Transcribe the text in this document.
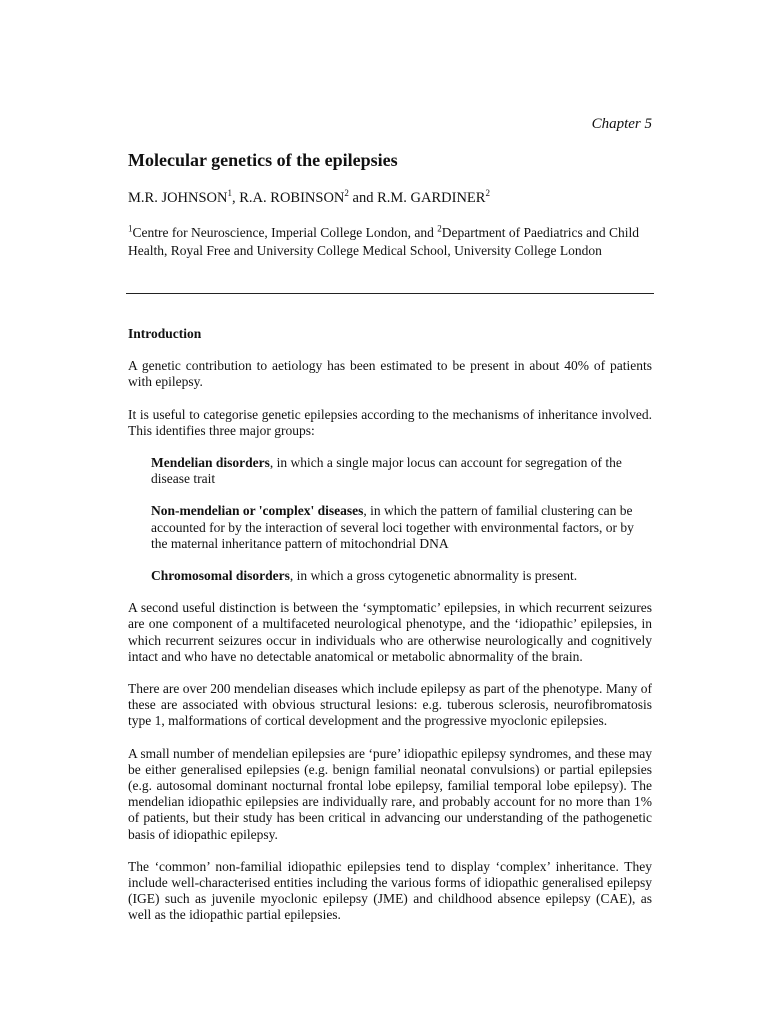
Chapter 5
Molecular genetics of the epilepsies
M.R. JOHNSON$^1$, R.A. ROBINSON$^2$ and R.M. GARDINER$^2$
$^1$Centre for Neuroscience, Imperial College London, and $^2$Department of Paediatrics and Child Health, Royal Free and University College Medical School, University College London
Introduction

A genetic contribution to aetiology has been estimated to be present in about 40% of patients with epilepsy.

It is useful to categorise genetic epilepsies according to the mechanisms of inheritance involved. This identifies three major groups:

Mendelian disorders, in which a single major locus can account for segregation of the disease trait

Non-mendelian or 'complex' diseases, in which the pattern of familial clustering can be accounted for by the interaction of several loci together with environmental factors, or by the maternal inheritance pattern of mitochondrial DNA

Chromosomal disorders, in which a gross cytogenetic abnormality is present.

A second useful distinction is between the ‘symptomatic’ epilepsies, in which recurrent seizures are one component of a multifaceted neurological phenotype, and the ‘idiopathic’ epilepsies, in which recurrent seizures occur in individuals who are otherwise neurologically and cognitively intact and who have no detectable anatomical or metabolic abnormality of the brain.

There are over 200 mendelian diseases which include epilepsy as part of the phenotype. Many of these are associated with obvious structural lesions: e.g. tuberous sclerosis, neurofibromatosis type 1, malformations of cortical development and the progressive myoclonic epilepsies.

A small number of mendelian epilepsies are ‘pure’ idiopathic epilepsy syndromes, and these may be either generalised epilepsies (e.g. benign familial neonatal convulsions) or partial epilepsies (e.g. autosomal dominant nocturnal frontal lobe epilepsy, familial temporal lobe epilepsy). The mendelian idiopathic epilepsies are individually rare, and probably account for no more than 1% of patients, but their study has been critical in advancing our understanding of the pathogenetic basis of idiopathic epilepsy.

The ‘common’ non-familial idiopathic epilepsies tend to display ‘complex’ inheritance. They include well-characterised entities including the various forms of idiopathic generalised epilepsy (IGE) such as juvenile myoclonic epilepsy (JME) and childhood absence epilepsy (CAE), as well as the idiopathic partial epilepsies.
